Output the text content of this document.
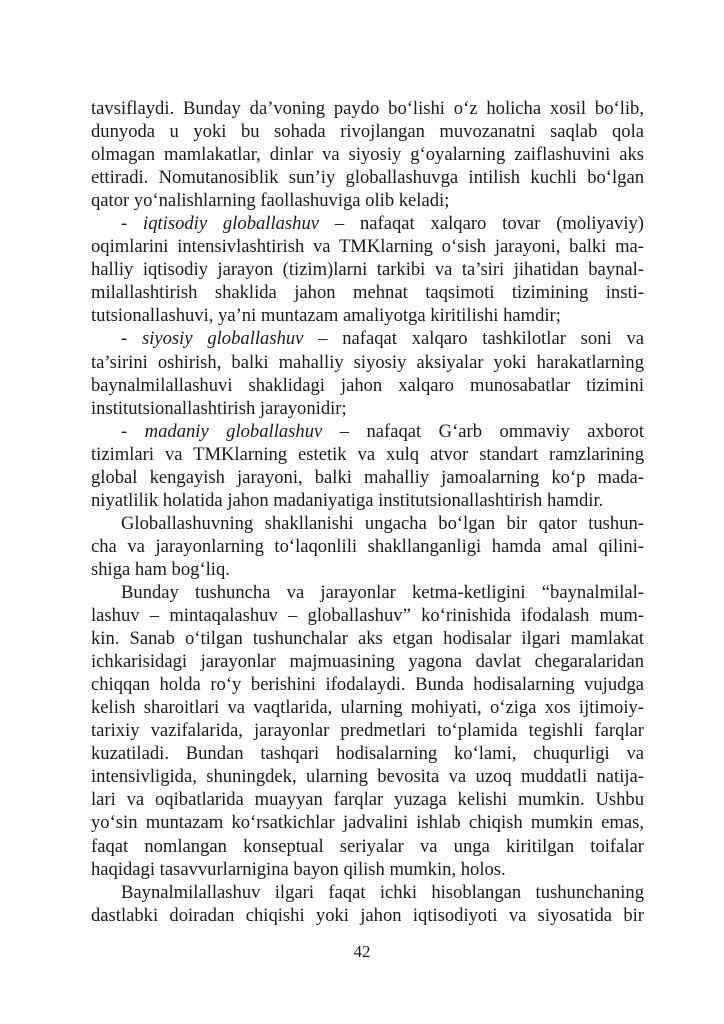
tavsiflaydi. Bunday da’voning paydo bo‘lishi o‘z holicha xosil bo‘lib,
dunyoda u yoki bu sohada rivojlangan muvozanatni saqlab qola
olmagan mamlakatlar, dinlar va siyosiy g‘oyalarning zaiflashuvini aks
ettiradi. Nomutanosiblik sun’iy globallashuvga intilish kuchli bo‘lgan
qator yo‘nalishlarning faollashuviga olib keladi;
- iqtisodiy globallashuv – nafaqat xalqaro tovar (moliyaviy)
oqimlarini intensivlashtirish va TMKlarning o‘sish jarayoni, balki ma-
halliy iqtisodiy jarayon (tizim)larni tarkibi va ta’siri jihatidan baynal-
milallashtirish shaklida jahon mehnat taqsimoti tizimining insti-
tutsionallashuvi, ya’ni muntazam amaliyotga kiritilishi hamdir;
- siyosiy globallashuv – nafaqat xalqaro tashkilotlar soni va
ta’sirini oshirish, balki mahalliy siyosiy aksiyalar yoki harakatlarning
baynalmilallashuvi shaklidagi jahon xalqaro munosabatlar tizimini
institutsionallashtirish jarayonidir;
- madaniy globallashuv – nafaqat G‘arb ommaviy axborot
tizimlari va TMKlarning estetik va xulq atvor standart ramzlarining
global kengayish jarayoni, balki mahalliy jamoalarning ko‘p mada-
niyatlilik holatida jahon madaniyatiga institutsionallashtirish hamdir.
Globallashuvning shakllanishi ungacha bo‘lgan bir qator tushun-
cha va jarayonlarning to‘laqonlili shakllanganligi hamda amal qilini-
shiga ham bog‘liq.
Bunday tushuncha va jarayonlar ketma-ketligini “baynalmilal-
lashuv – mintaqalashuv – globallashuv” ko‘rinishida ifodalash mum-
kin. Sanab o‘tilgan tushunchalar aks etgan hodisalar ilgari mamlakat
ichkarisidagi jarayonlar majmuasining yagona davlat chegaralaridan
chiqqan holda ro‘y berishini ifodalaydi. Bunda hodisalarning vujudga
kelish sharoitlari va vaqtlarida, ularning mohiyati, o‘ziga xos ijtimoiy-
tarixiy vazifalarida, jarayonlar predmetlari to‘plamida tegishli farqlar
kuzatiladi. Bundan tashqari hodisalarning ko‘lami, chuqurligi va
intensivligida, shuningdek, ularning bevosita va uzoq muddatli natija-
lari va oqibatlarida muayyan farqlar yuzaga kelishi mumkin. Ushbu
yo‘sin muntazam ko‘rsatkichlar jadvalini ishlab chiqish mumkin emas,
faqat nomlangan konseptual seriyalar va unga kiritilgan toifalar
haqidagi tasavvurlarnigina bayon qilish mumkin, holos.
Baynalmilallashuv ilgari faqat ichki hisoblangan tushunchaning
dastlabki doiradan chiqishi yoki jahon iqtisodiyoti va siyosatida bir
42
